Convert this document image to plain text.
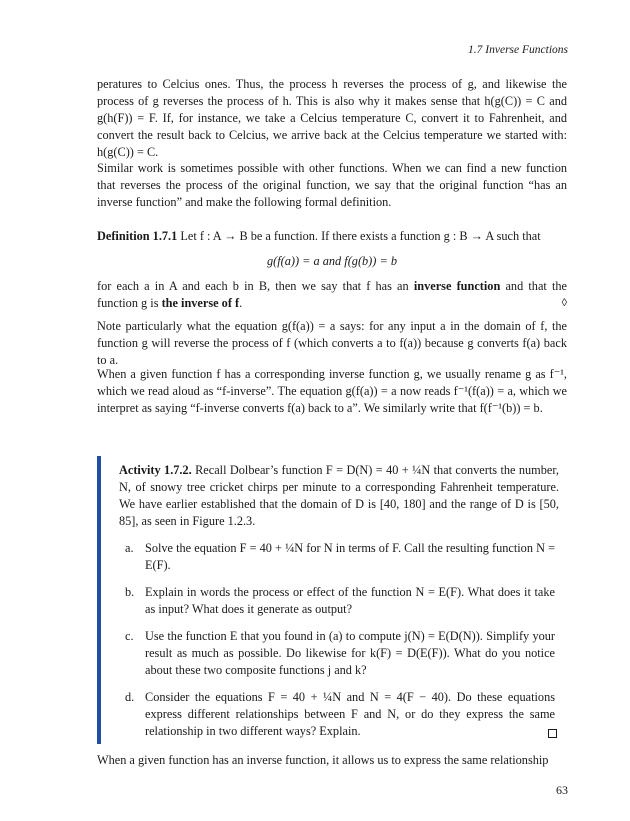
1.7 Inverse Functions

peratures to Celcius ones. Thus, the process h reverses the process of g, and likewise the process of g reverses the process of h. This is also why it makes sense that h(g(C)) = C and g(h(F)) = F. If, for instance, we take a Celcius temperature C, convert it to Fahrenheit, and convert the result back to Celcius, we arrive back at the Celcius temperature we started with: h(g(C)) = C.

Similar work is sometimes possible with other functions. When we can find a new function that reverses the process of the original function, we say that the original function “has an inverse function” and make the following formal definition.

Definition 1.7.1 Let f : A → B be a function. If there exists a function g : B → A such that
g(f(a)) = a and f(g(b)) = b
for each a in A and each b in B, then we say that f has an inverse function and that the function g is the inverse of f.	◊

Note particularly what the equation g(f(a)) = a says: for any input a in the domain of f, the function g will reverse the process of f (which converts a to f(a)) because g converts f(a) back to a.

When a given function f has a corresponding inverse function g, we usually rename g as f⁻¹, which we read aloud as “f-inverse”. The equation g(f(a)) = a now reads f⁻¹(f(a)) = a, which we interpret as saying “f-inverse converts f(a) back to a”. We similarly write that f(f⁻¹(b)) = b.

Activity 1.7.2. Recall Dolbear’s function F = D(N) = 40 + ¼N that converts the number, N, of snowy tree cricket chirps per minute to a corresponding Fahrenheit temperature. We have earlier established that the domain of D is [40, 180] and the range of D is [50, 85], as seen in Figure 1.2.3.
a. Solve the equation F = 40 + ¼N for N in terms of F. Call the resulting function N = E(F).
b. Explain in words the process or effect of the function N = E(F). What does it take as input? What does it generate as output?
c. Use the function E that you found in (a) to compute j(N) = E(D(N)). Simplify your result as much as possible. Do likewise for k(F) = D(E(F)). What do you notice about these two composite functions j and k?
d. Consider the equations F = 40 + ¼N and N = 4(F − 40). Do these equations express different relationships between F and N, or do they express the same relationship in two different ways? Explain.

When a given function has an inverse function, it allows us to express the same relationship

63
